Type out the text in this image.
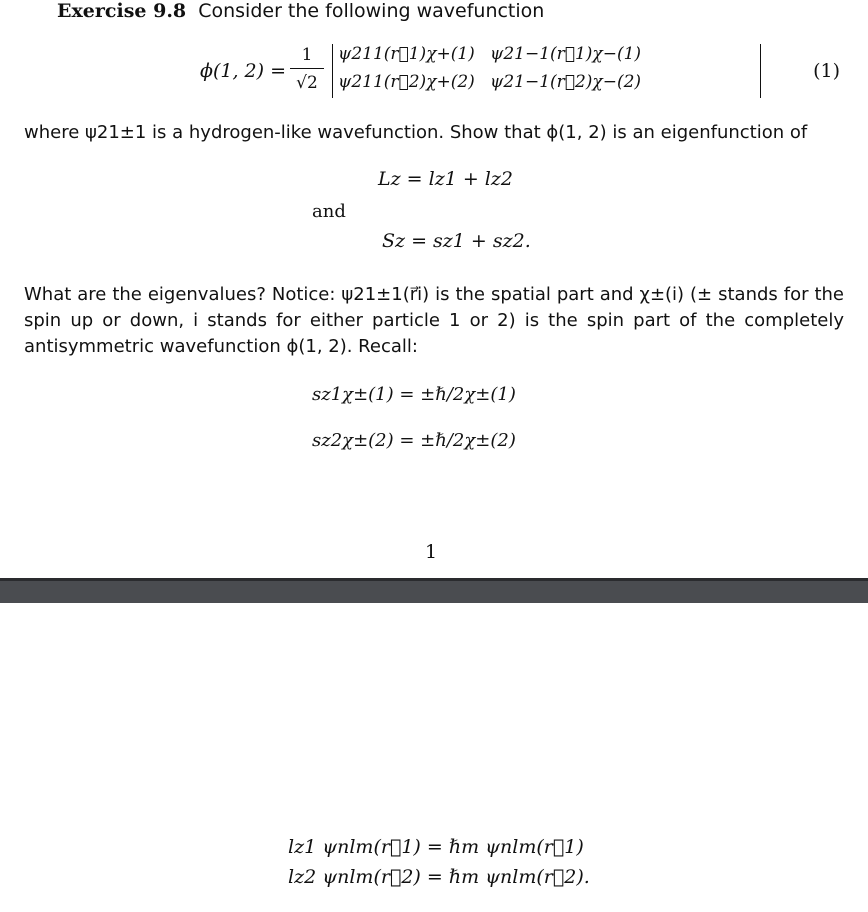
Exercise 9.8 Consider the following wavefunction
ϕ(1, 2) =
1
√2
ψ211(r⃗1)χ+(1) ψ21−1(r⃗1)χ−(1)
ψ211(r⃗2)χ+(2) ψ21−1(r⃗2)χ−(2)	(1)
where ψ21±1 is a hydrogen-like wavefunction. Show that ϕ(1, 2) is an eigenfunction of
Lz = lz1 + lz2
and
Sz = sz1 + sz2.
What are the eigenvalues? Notice: ψ21±1(r⃗i) is the spatial part and χ±(i) (± stands for the spin up or down, i stands for either particle 1 or 2) is the spin part of the completely antisymmetric wavefunction ϕ(1, 2). Recall:
sz1χ±(1) = ±ℏ/2χ±(1)
sz2χ±(2) = ±ℏ/2χ±(2)
1
lz1 ψnlm(r⃗1) = ℏm ψnlm(r⃗1)
lz2 ψnlm(r⃗2) = ℏm ψnlm(r⃗2).
